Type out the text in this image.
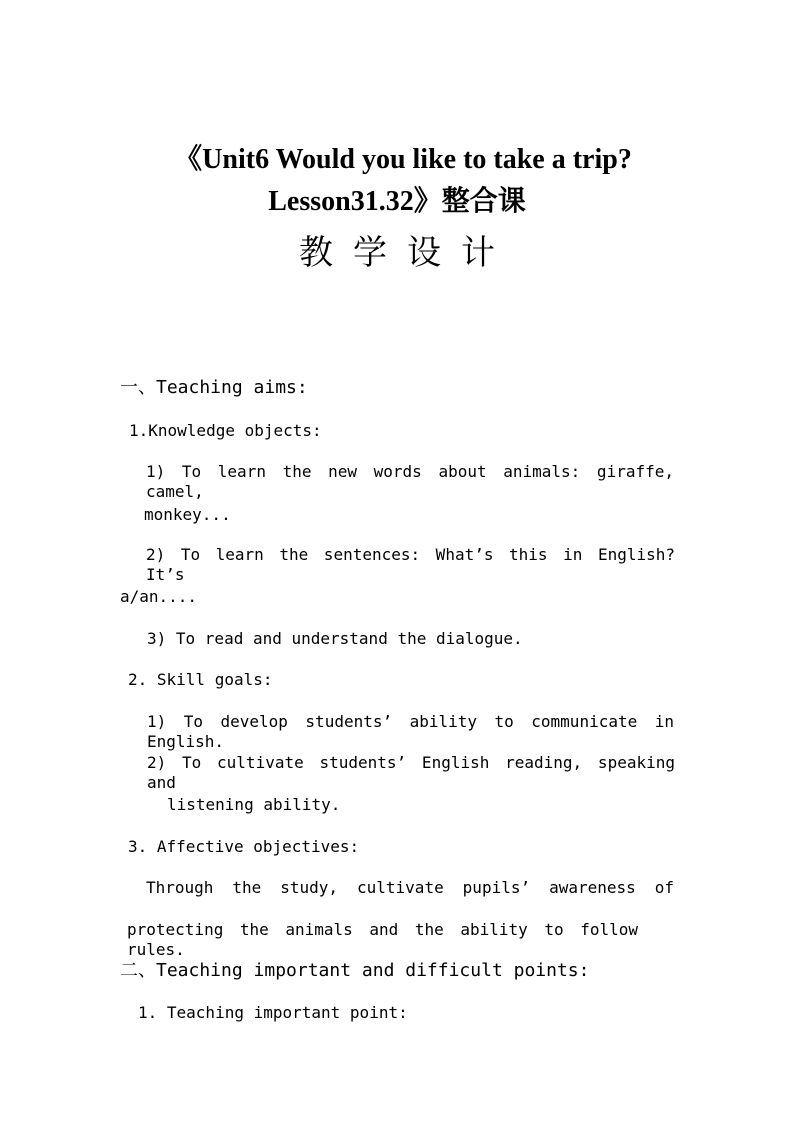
《Unit6 Would you like to take a trip?
Lesson31.32》整合课
教学设计
一、Teaching aims:
1.Knowledge objects:
1) To learn the new words about animals: giraffe, camel,
monkey...
2) To learn the sentences: What’s this in English? It’s
a/an....
3) To read and understand the dialogue.
2. Skill goals:
1) To develop students’ ability to communicate in English.
2) To cultivate students’ English reading, speaking and
listening ability.
3. Affective objectives:
Through the study, cultivate pupils’ awareness of
protecting the animals and the ability to follow rules.
二、Teaching important and difficult points:
1. Teaching important point:
